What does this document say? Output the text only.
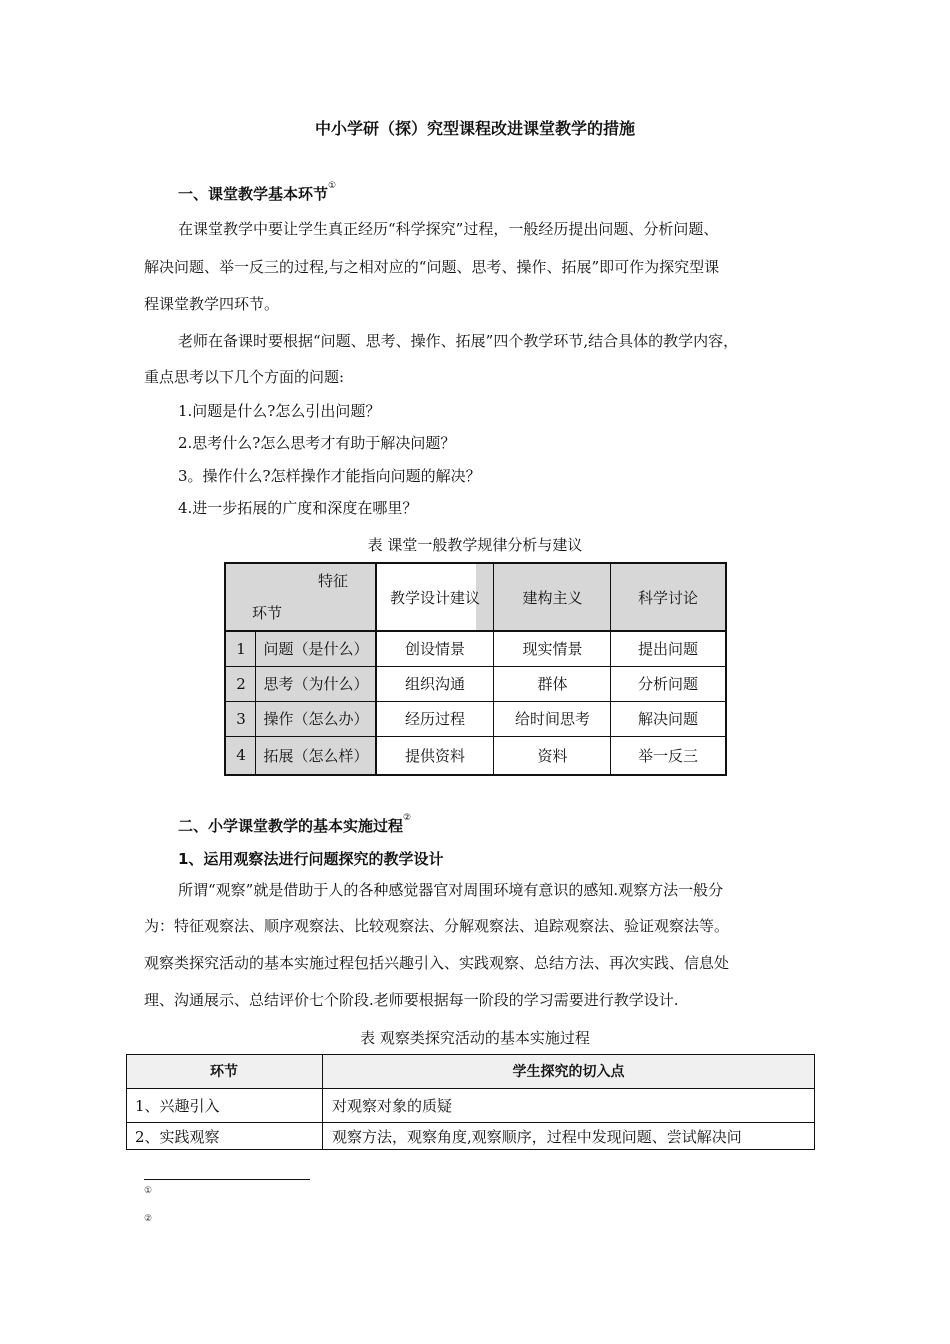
中小学研（探）究型课程改进课堂教学的措施
一、课堂教学基本环节①
在课堂教学中要让学生真正经历“科学探究”过程，一般经历提出问题、分析问题、
解决问题、举一反三的过程,与之相对应的“问题、思考、操作、拓展”即可作为探究型课
程课堂教学四环节。
老师在备课时要根据“问题、思考、操作、拓展”四个教学环节,结合具体的教学内容，
重点思考以下几个方面的问题:
1.问题是什么?怎么引出问题？
2.思考什么?怎么思考才有助于解决问题？
3。操作什么?怎样操作才能指向问题的解决？
4.进一步拓展的广度和深度在哪里？
表 课堂一般教学规律分析与建议
特征
环节
教学设计建议	建构主义	科学讨论
1	问题（是什么）	创设情景	现实情景	提出问题
2	思考（为什么）	组织沟通	群体	分析问题
3	操作（怎么办）	经历过程	给时间思考	解决问题
4	拓展（怎么样）	提供资料	资料	举一反三
二、小学课堂教学的基本实施过程②
1、运用观察法进行问题探究的教学设计
所谓“观察”就是借助于人的各种感觉器官对周围环境有意识的感知.观察方法一般分
为：特征观察法、顺序观察法、比较观察法、分解观察法、追踪观察法、验证观察法等。
观察类探究活动的基本实施过程包括兴趣引入、实践观察、总结方法、再次实践、信息处
理、沟通展示、总结评价七个阶段.老师要根据每一阶段的学习需要进行教学设计.
表 观察类探究活动的基本实施过程
环节	学生探究的切入点
1、兴趣引入	对观察对象的质疑
2、实践观察	观察方法，观察角度,观察顺序，过程中发现问题、尝试解决问
①
②
